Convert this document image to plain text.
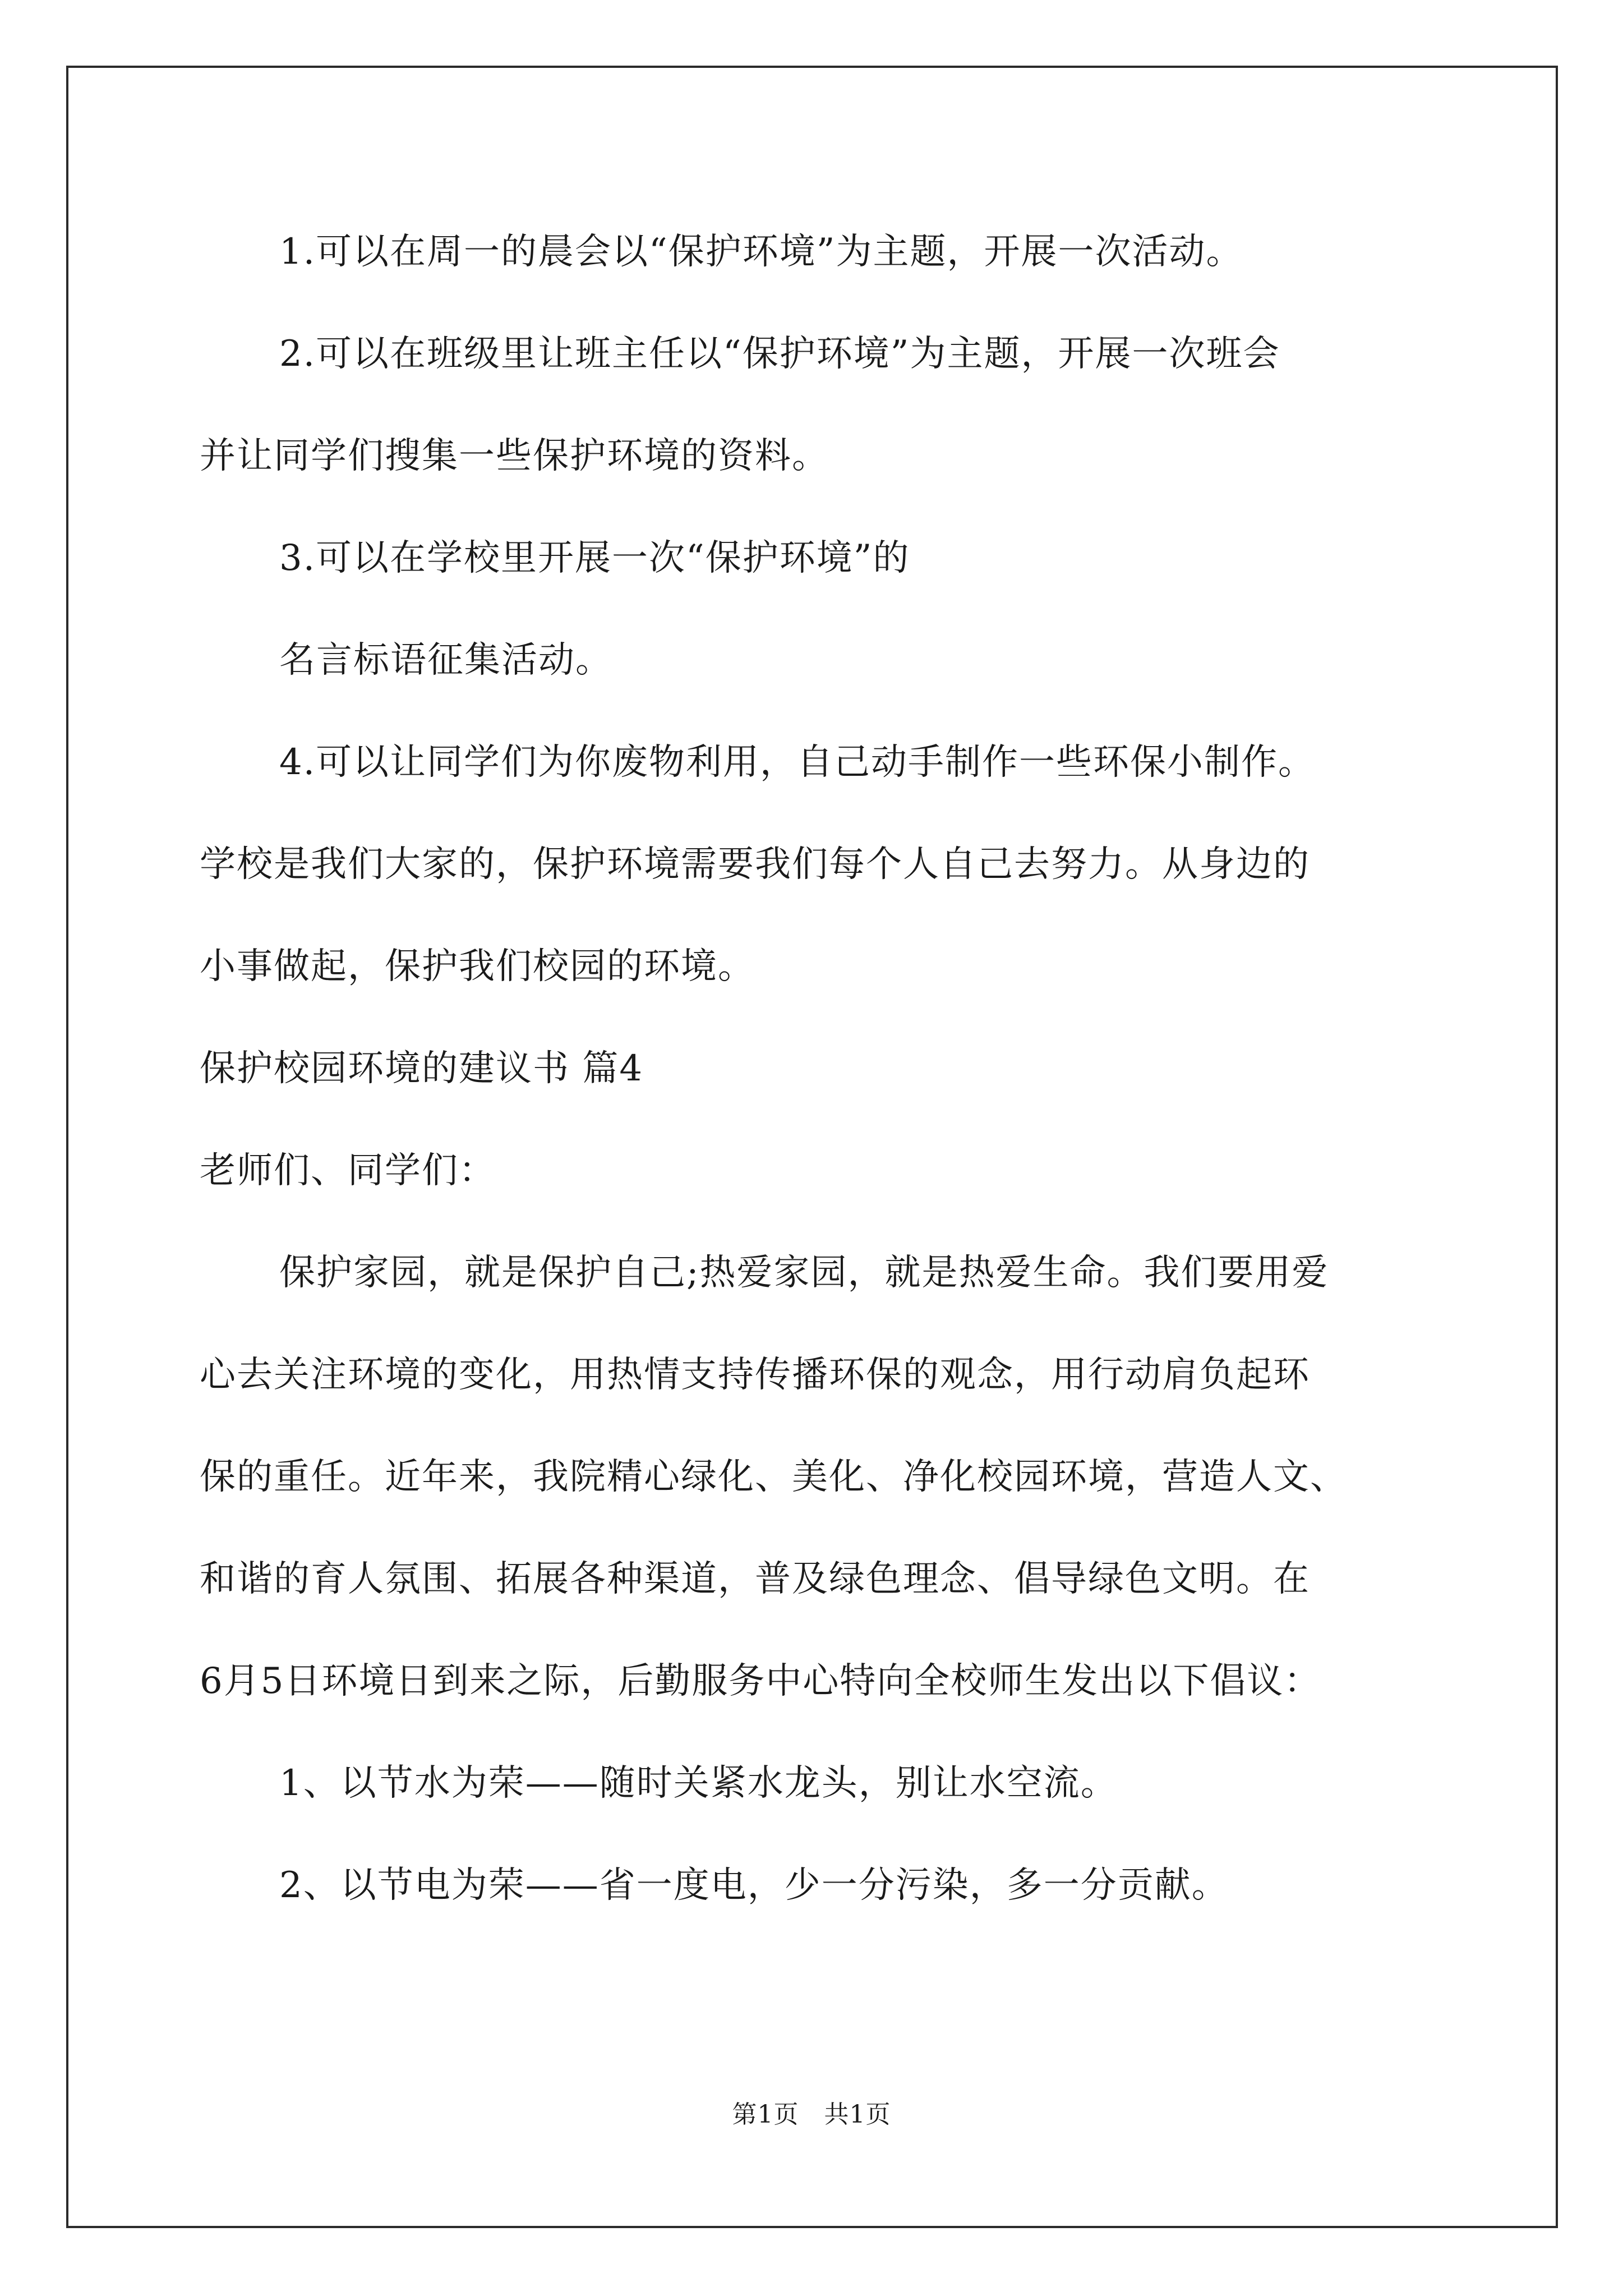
1.可以在周一的晨会以“保护环境”为主题，开展一次活动。
2.可以在班级里让班主任以“保护环境”为主题，开展一次班会
并让同学们搜集一些保护环境的资料。
3.可以在学校里开展一次“保护环境”的
名言标语征集活动。
4.可以让同学们为你废物利用，自己动手制作一些环保小制作。
学校是我们大家的，保护环境需要我们每个人自己去努力。从身边的
小事做起，保护我们校园的环境。
保护校园环境的建议书 篇4
老师们、同学们：
保护家园，就是保护自己;热爱家园，就是热爱生命。我们要用爱
心去关注环境的变化，用热情支持传播环保的观念，用行动肩负起环
保的重任。近年来，我院精心绿化、美化、净化校园环境，营造人文、
和谐的育人氛围、拓展各种渠道，普及绿色理念、倡导绿色文明。在
6月5日环境日到来之际，后勤服务中心特向全校师生发出以下倡议：
1、以节水为荣——随时关紧水龙头，别让水空流。
2、以节电为荣——省一度电，少一分污染，多一分贡献。
第1页　共1页
